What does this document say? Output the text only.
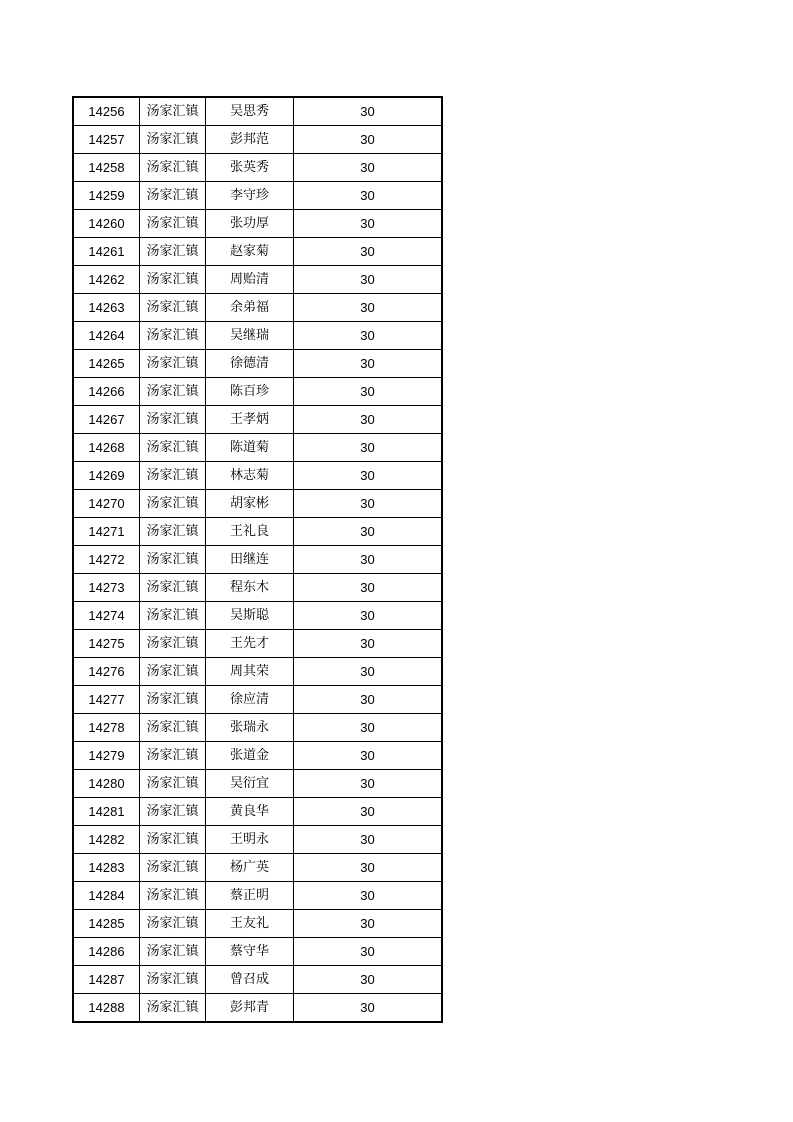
14256	汤家汇镇	吴思秀	30
14257	汤家汇镇	彭邦范	30
14258	汤家汇镇	张英秀	30
14259	汤家汇镇	李守珍	30
14260	汤家汇镇	张功厚	30
14261	汤家汇镇	赵家菊	30
14262	汤家汇镇	周贻清	30
14263	汤家汇镇	余弟福	30
14264	汤家汇镇	吴继瑞	30
14265	汤家汇镇	徐德清	30
14266	汤家汇镇	陈百珍	30
14267	汤家汇镇	王孝炳	30
14268	汤家汇镇	陈道菊	30
14269	汤家汇镇	林志菊	30
14270	汤家汇镇	胡家彬	30
14271	汤家汇镇	王礼良	30
14272	汤家汇镇	田继连	30
14273	汤家汇镇	程东木	30
14274	汤家汇镇	吴斯聪	30
14275	汤家汇镇	王先才	30
14276	汤家汇镇	周其荣	30
14277	汤家汇镇	徐应清	30
14278	汤家汇镇	张瑞永	30
14279	汤家汇镇	张道金	30
14280	汤家汇镇	吴衍宜	30
14281	汤家汇镇	黄良华	30
14282	汤家汇镇	王明永	30
14283	汤家汇镇	杨广英	30
14284	汤家汇镇	蔡正明	30
14285	汤家汇镇	王友礼	30
14286	汤家汇镇	蔡守华	30
14287	汤家汇镇	曾召成	30
14288	汤家汇镇	彭邦青	30
